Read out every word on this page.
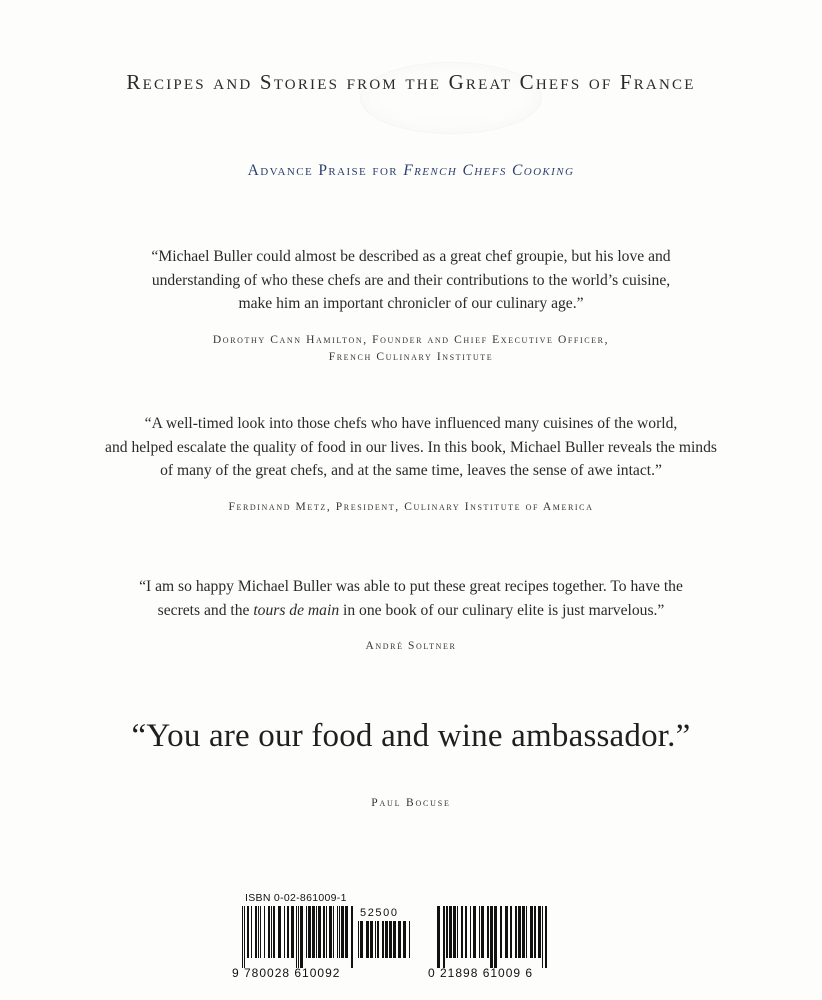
Recipes and Stories from the Great Chefs of France
Advance Praise for French Chefs Cooking
“Michael Buller could almost be described as a great chef groupie, but his love and
understanding of who these chefs are and their contributions to the world’s cuisine,
make him an important chronicler of our culinary age.”
Dorothy Cann Hamilton, Founder and Chief Executive Officer,
French Culinary Institute
“A well-timed look into those chefs who have influenced many cuisines of the world,
and helped escalate the quality of food in our lives. In this book, Michael Buller reveals the minds
of many of the great chefs, and at the same time, leaves the sense of awe intact.”
Ferdinand Metz, President, Culinary Institute of America
“I am so happy Michael Buller was able to put these great recipes together. To have the
secrets and the tours de main in one book of our culinary elite is just marvelous.”
André Soltner
“You are our food and wine ambassador.”
Paul Bocuse
ISBN 0-02-861009-1
52500
9 780028 610092	0 21898 61009 6
